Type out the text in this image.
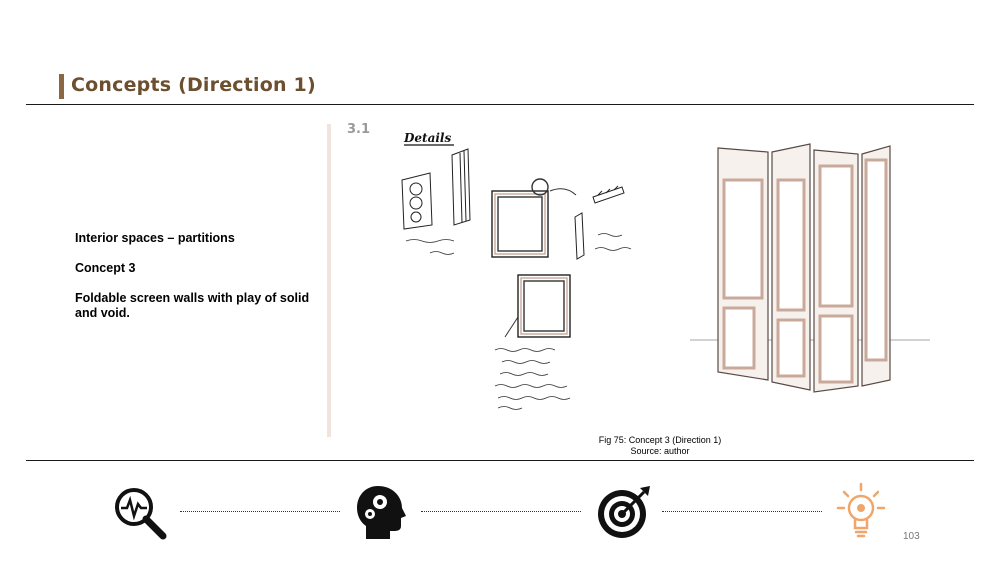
Concepts (Direction 1)

Interior spaces – partitions

Concept 3

Foldable screen walls with play of solid and void.

3.1
Details
Fig 75: Concept 3 (Direction 1)
Source: author
103
